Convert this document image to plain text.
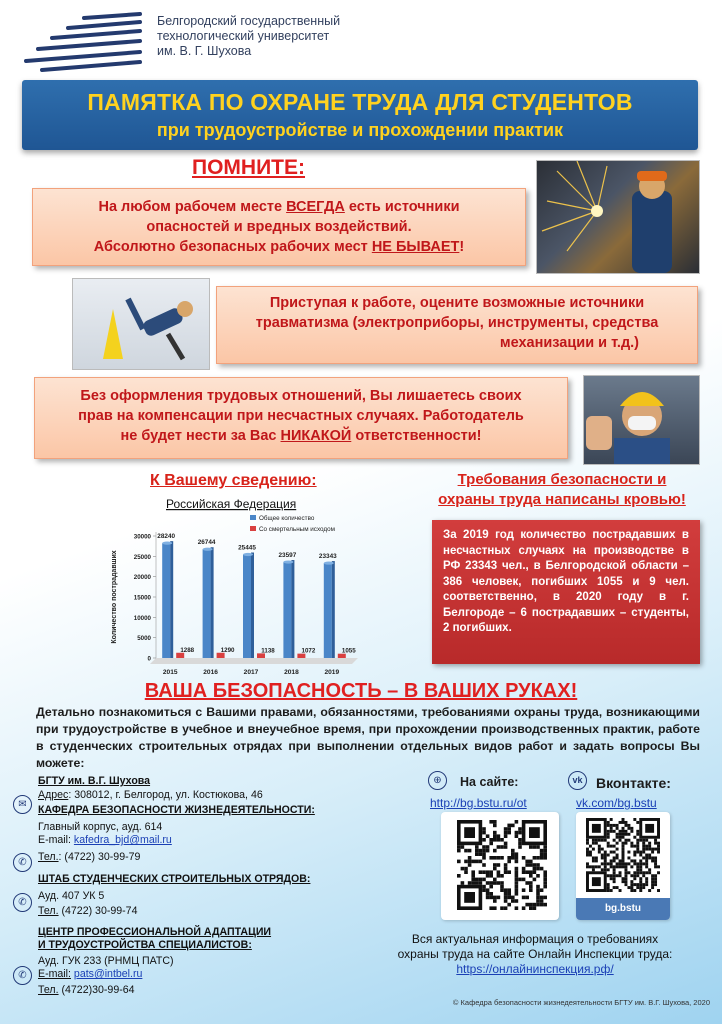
Белгородский государственный
технологический университет
им. В. Г. Шухова
ПАМЯТКА ПО ОХРАНЕ ТРУДА ДЛЯ СТУДЕНТОВ
при трудоустройстве и прохождении практик
ПОМНИТЕ:
На любом рабочем месте ВСЕГДА есть источники
опасностей и вредных воздействий.
Абсолютно безопасных рабочих мест НЕ БЫВАЕТ!
Приступая к работе, оцените возможные источники
травматизма (электроприборы, инструменты, средства
механизации и т.д.)
Без оформления трудовых отношений, Вы лишаетесь своих
прав на компенсации при несчастных случаях. Работодатель
не будет нести за Вас НИКАКОЙ ответственности!
К Вашему сведению:
Российская Федерация
0
5000
10000
15000
20000
25000
30000
Количество пострадавших
Общее количество
Со смертельным исходом
28240
1288
2015
26744
1290
2016
25445
1138
2017
23597
1072
2018
23343
1055
2019
Требования безопасности и
охраны труда написаны кровью!
За 2019 год количество пострадавших в несчастных случаях на производстве в РФ 23343 чел., в Белгородской области – 386 человек, погибших 1055 и 9 чел. соответственно, в 2020 году в г. Белгороде – 6 пострадавших – студенты, 2 погибших.
ВАША БЕЗОПАСНОСТЬ – В ВАШИХ РУКАХ!
Детально познакомиться с Вашими правами, обязанностями, требованиями охраны труда, возникающими при трудоустройстве в учебное и внеучебное время, при прохождении производственных практик, работе в студенческих строительных отрядах при выполнении отдельных видов работ и задать вопросы Вы можете:
✉
✆
✆
✆
БГТУ им. В.Г. Шухова
Адрес: 308012, г. Белгород, ул. Костюкова, 46
КАФЕДРА БЕЗОПАСНОСТИ ЖИЗНЕДЕЯТЕЛЬНОСТИ:
Главный корпус, ауд. 614
E-mail: kafedra_bjd@mail.ru
Тел.: (4722) 30-99-79
ШТАБ СТУДЕНЧЕСКИХ СТРОИТЕЛЬНЫХ ОТРЯДОВ:
Ауд. 407 УК 5
Тел. (4722) 30-99-74
ЦЕНТР ПРОФЕССИОНАЛЬНОЙ АДАПТАЦИИ
И ТРУДОУСТРОЙСТВА СПЕЦИАЛИСТОВ:
Ауд. ГУК 233 (РНМЦ ПАТС)
E-mail: pats@intbel.ru
Тел. (4722)30-99-64
⊕	На сайте:
http://bg.bstu.ru/ot
vk Вконтакте:
vk.com/bg.bstu
bg.bstu
Вся актуальная информация о требованиях
охраны труда на сайте Онлайн Инспекции труда:
https://онлайнинспекция.рф/
© Кафедра безопасности жизнедеятельности БГТУ им. В.Г. Шухова, 2020
